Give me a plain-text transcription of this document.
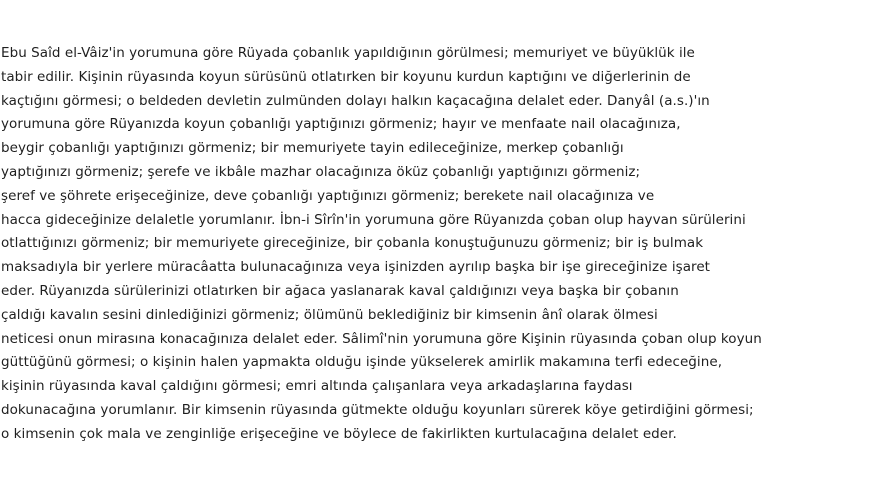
Ebu Saîd el-Vâiz'in yorumuna göre Rüyada çobanlık yapıldığının görülmesi; memuriyet ve büyüklük ile
tabir edilir. Kişinin rüyasında koyun sürüsünü otlatırken bir koyunu kurdun kaptığını ve diğerlerinin de
kaçtığını görmesi; o beldeden devletin zulmünden dolayı halkın kaçacağına delalet eder. Danyâl (a.s.)'ın
yorumuna göre Rüyanızda koyun çobanlığı yaptığınızı görmeniz; hayır ve menfaate nail olacağınıza,
beygir çobanlığı yaptığınızı görmeniz; bir memuriyete tayin edileceğinize, merkep çobanlığı
yaptığınızı görmeniz; şerefe ve ikbâle mazhar olacağınıza öküz çobanlığı yaptığınızı görmeniz;
şeref ve şöhrete erişeceğinize, deve çobanlığı yaptığınızı görmeniz; berekete nail olacağınıza ve
hacca gideceğinize delaletle yorumlanır. İbn-i Sîrîn'in yorumuna göre Rüyanızda çoban olup hayvan sürülerini
otlattığınızı görmeniz; bir memuriyete gireceğinize, bir çobanla konuştuğunuzu görmeniz; bir iş bulmak
maksadıyla bir yerlere müracâatta bulunacağınıza veya işinizden ayrılıp başka bir işe gireceğinize işaret
eder. Rüyanızda sürülerinizi otlatırken bir ağaca yaslanarak kaval çaldığınızı veya başka bir çobanın
çaldığı kavalın sesini dinlediğinizi görmeniz; ölümünü beklediğiniz bir kimsenin ânî olarak ölmesi
neticesi onun mirasına konacağınıza delalet eder. Sâlimî'nin yorumuna göre Kişinin rüyasında çoban olup koyun
güttüğünü görmesi; o kişinin halen yapmakta olduğu işinde yükselerek amirlik makamına terfi edeceğine,
kişinin rüyasında kaval çaldığını görmesi; emri altında çalışanlara veya arkadaşlarına faydası
dokunacağına yorumlanır. Bir kimsenin rüyasında gütmekte olduğu koyunları sürerek köye getirdiğini görmesi;
o kimsenin çok mala ve zenginliğe erişeceğine ve böylece de fakirlikten kurtulacağına delalet eder.
